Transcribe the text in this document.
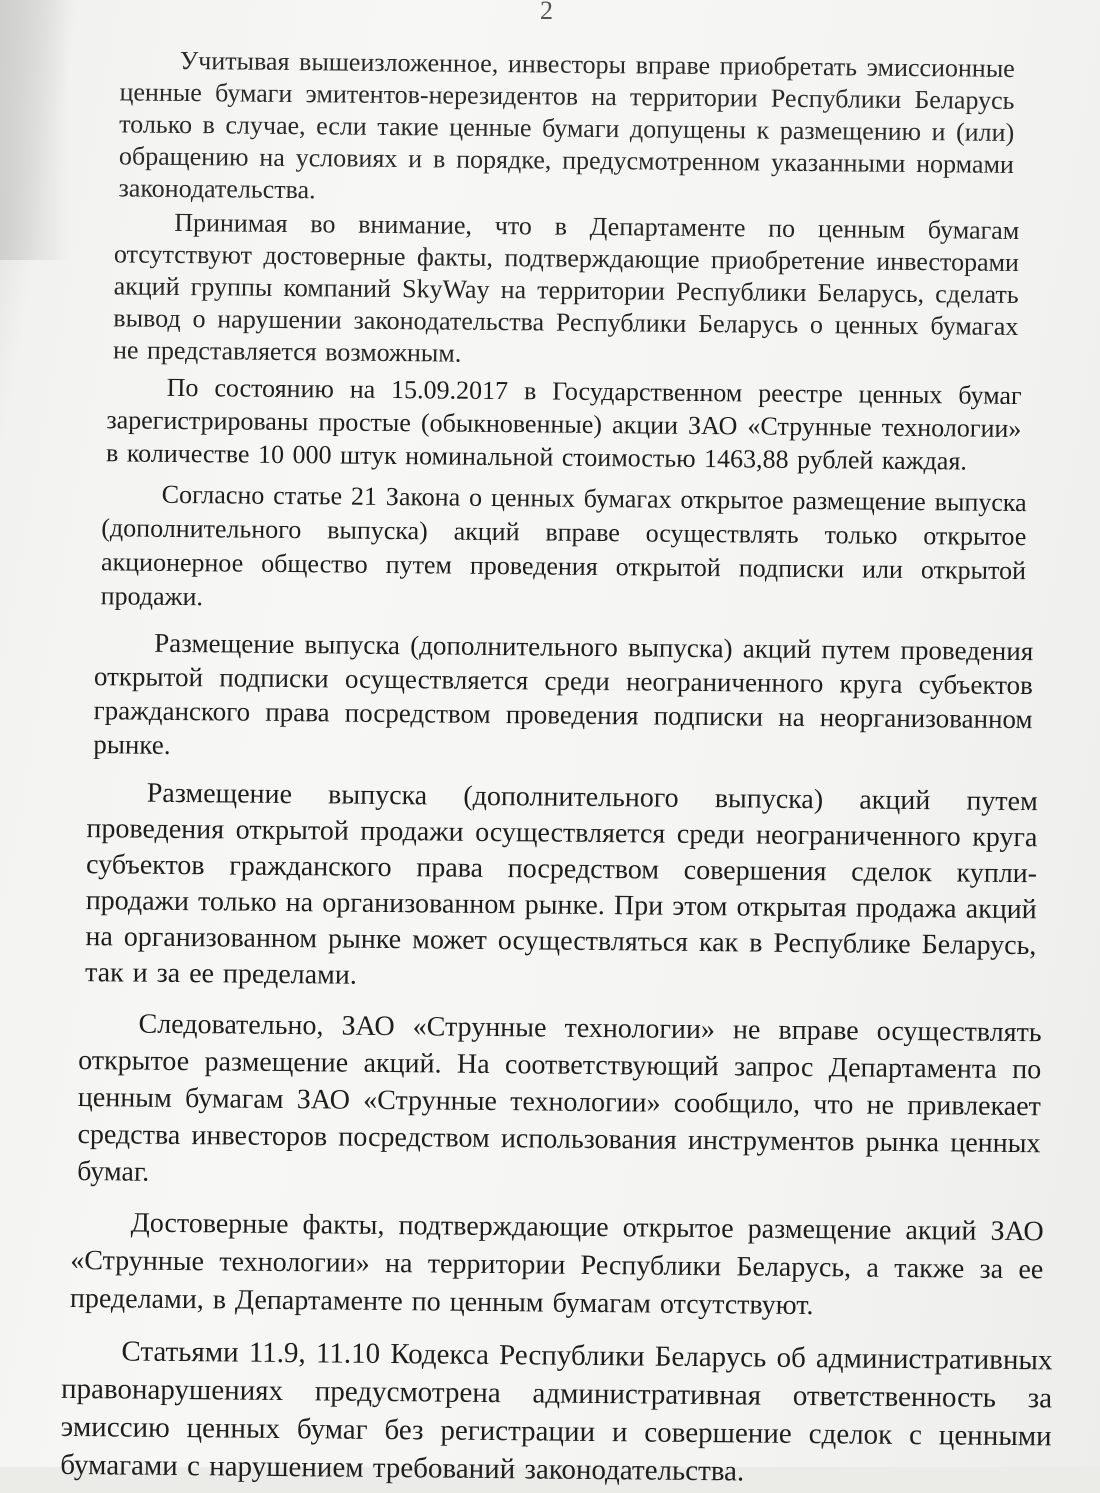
2

Учитывая вышеизложенное, инвесторы вправе приобретать эмиссионные ценные бумаги эмитентов-нерезидентов на территории Республики Беларусь только в случае, если такие ценные бумаги допущены к размещению и (или) обращению на условиях и в порядке, предусмотренном указанными нормами законодательства.

Принимая во внимание, что в Департаменте по ценным бумагам отсутствуют достоверные факты, подтверждающие приобретение инвесторами акций группы компаний SkyWay на территории Республики Беларусь, сделать вывод о нарушении законодательства Республики Беларусь о ценных бумагах не представляется возможным.

По состоянию на 15.09.2017 в Государственном реестре ценных бумаг зарегистрированы простые (обыкновенные) акции ЗАО «Струнные технологии» в количестве 10 000 штук номинальной стоимостью 1463,88 рублей каждая.

Согласно статье 21 Закона о ценных бумагах открытое размещение выпуска (дополнительного выпуска) акций вправе осуществлять только открытое акционерное общество путем проведения открытой подписки или открытой продажи.

Размещение выпуска (дополнительного выпуска) акций путем проведения открытой подписки осуществляется среди неограниченного круга субъектов гражданского права посредством проведения подписки на неорганизованном рынке.

Размещение выпуска (дополнительного выпуска) акций путем проведения открытой продажи осуществляется среди неограниченного круга субъектов гражданского права посредством совершения сделок купли-продажи только на организованном рынке. При этом открытая продажа акций на организованном рынке может осуществляться как в Республике Беларусь, так и за ее пределами.

Следовательно, ЗАО «Струнные технологии» не вправе осуществлять открытое размещение акций. На соответствующий запрос Департамента по ценным бумагам ЗАО «Струнные технологии» сообщило, что не привлекает средства инвесторов посредством использования инструментов рынка ценных бумаг.

Достоверные факты, подтверждающие открытое размещение акций ЗАО «Струнные технологии» на территории Республики Беларусь, а также за ее пределами, в Департаменте по ценным бумагам отсутствуют.

Статьями 11.9, 11.10 Кодекса Республики Беларусь об административных правонарушениях предусмотрена административная ответственность за эмиссию ценных бумаг без регистрации и совершение сделок с ценными бумагами с нарушением требований законодательства.
